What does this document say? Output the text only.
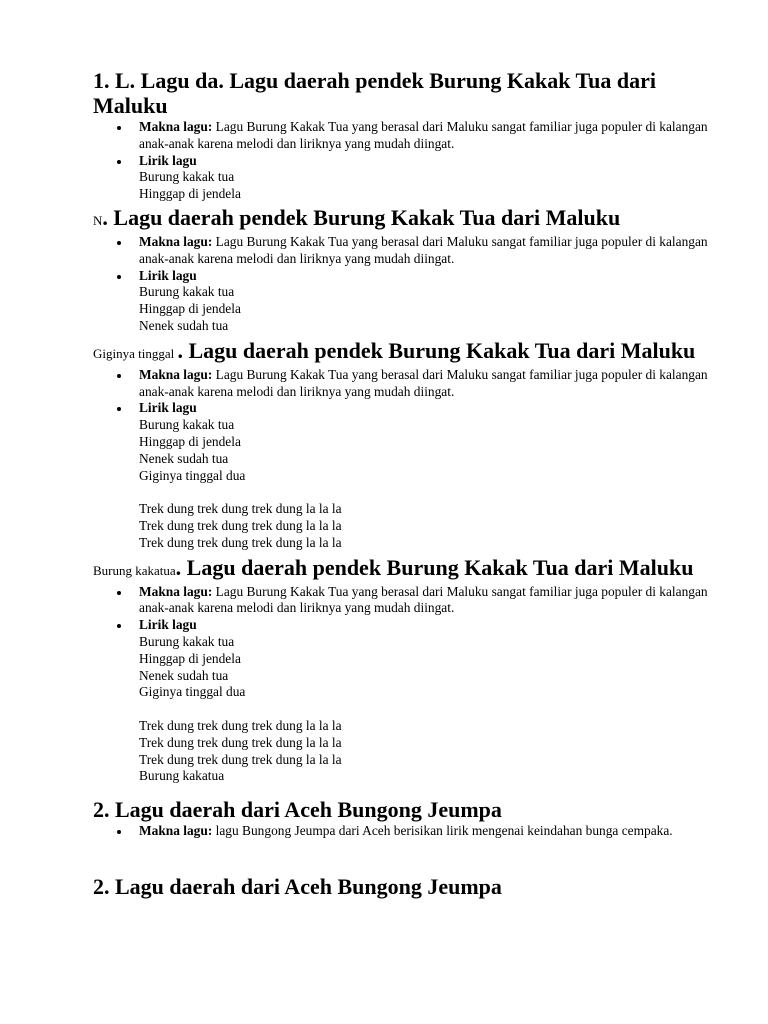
1. L. Lagu da. Lagu daerah pendek Burung Kakak Tua dari Maluku
Makna lagu: Lagu Burung Kakak Tua yang berasal dari Maluku sangat familiar juga populer di kalangan anak-anak karena melodi dan liriknya yang mudah diingat.
Lirik lagu
Burung kakak tua
Hinggap di jendela
N. Lagu daerah pendek Burung Kakak Tua dari Maluku
Makna lagu: Lagu Burung Kakak Tua yang berasal dari Maluku sangat familiar juga populer di kalangan anak-anak karena melodi dan liriknya yang mudah diingat.
Lirik lagu
Burung kakak tua
Hinggap di jendela
Nenek sudah tua
Giginya tinggal . Lagu daerah pendek Burung Kakak Tua dari Maluku
Makna lagu: Lagu Burung Kakak Tua yang berasal dari Maluku sangat familiar juga populer di kalangan anak-anak karena melodi dan liriknya yang mudah diingat.
Lirik lagu
Burung kakak tua
Hinggap di jendela
Nenek sudah tua
Giginya tinggal dua
Trek dung trek dung trek dung la la la
Trek dung trek dung trek dung la la la
Trek dung trek dung trek dung la la la
Burung kakatua. Lagu daerah pendek Burung Kakak Tua dari Maluku
Makna lagu: Lagu Burung Kakak Tua yang berasal dari Maluku sangat familiar juga populer di kalangan anak-anak karena melodi dan liriknya yang mudah diingat.
Lirik lagu
Burung kakak tua
Hinggap di jendela
Nenek sudah tua
Giginya tinggal dua
Trek dung trek dung trek dung la la la
Trek dung trek dung trek dung la la la
Trek dung trek dung trek dung la la la
Burung kakatua
2. Lagu daerah dari Aceh Bungong Jeumpa
Makna lagu: lagu Bungong Jeumpa dari Aceh berisikan lirik mengenai keindahan bunga cempaka.
2. Lagu daerah dari Aceh Bungong Jeumpa
